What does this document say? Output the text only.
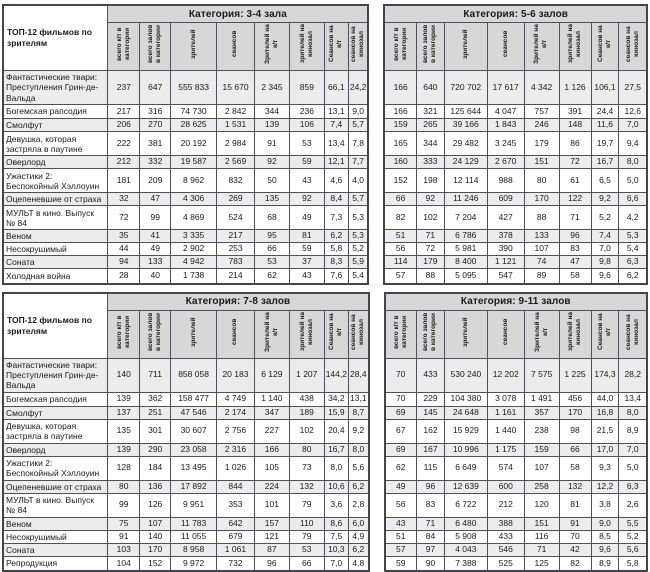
ТОП-12 фильмов по зрителям	Категория: 3-4 зала							
	всего к/т в категории	всего залов в категории	зрителей	сеансов	Зрителей на к/т	зрителей на кинозал	Сеансов на к/т	сеансов на кинозал
Фантастические твари: Преступления Грин-де-Вальда	237	647	555 833	15 670	2 345	859	66,1	24,2
Богемская рапсодия	217	316	74 730	2 842	344	236	13,1	9,0
Смолфут	206	270	28 625	1 531	139	106	7,4	5,7
Девушка, которая застряла в паутине	222	381	20 192	2 984	91	53	13,4	7,8
Оверлорд	212	332	19 587	2 569	92	59	12,1	7,7
Ужастики 2: Беспокойный Хэллоуин	181	209	8 962	832	50	43	4,6	4,0
Оцепеневшие от страха	32	47	4 306	269	135	92	8,4	5,7
МУЛЬТ в кино. Выпуск № 84	72	99	4 869	524	68	49	7,3	5,3
Веном	35	41	3 335	217	95	81	6,2	5,3
Несокрушимый	44	49	2 902	253	66	59	5,8	5,2
Соната	94	133	4 942	783	53	37	8,3	5,9
Холодная война	28	40	1 738	214	62	43	7,6	5,4
Категория: 5-6 залов							
всего к/т в категории	всего залов в категории	зрителей	сеансов	Зрителей на к/т	зрителей на кинозал	Сеансов на к/т	сеансов на кинозал
166	640	720 702	17 617	4 342	1 126	106,1	27,5
166	321	125 644	4 047	757	391	24,4	12,6
159	265	39 166	1 843	246	148	11,6	7,0
165	344	29 482	3 245	179	86	19,7	9,4
160	333	24 129	2 670	151	72	16,7	8,0
152	198	12 114	988	80	61	6,5	5,0
66	92	11 246	609	170	122	9,2	6,6
82	102	7 204	427	88	71	5,2	4,2
51	71	6 786	378	133	96	7,4	5,3
56	72	5 981	390	107	83	7,0	5,4
114	179	8 400	1 121	74	47	9,8	6,3
57	88	5 095	547	89	58	9,6	6,2
ТОП-12 фильмов по зрителям	Категория: 7-8 залов							
	всего к/т в категории	всего залов в категории	зрителей	сеансов	Зрителей на к/т	зрителей на кинозал	Сеансов на к/т	сеансов на кинозал
Фантастические твари: Преступления Грин-де-Вальда	140	711	858 058	20 183	6 129	1 207	144,2	28,4
Богемская рапсодия	139	362	158 477	4 749	1 140	438	34,2	13,1
Смолфут	137	251	47 546	2 174	347	189	15,9	8,7
Девушка, которая застряла в паутине	135	301	30 607	2 756	227	102	20,4	9,2
Оверлорд	139	290	23 058	2 316	166	80	16,7	8,0
Ужастики 2: Беспокойный Хэллоуин	128	184	13 495	1 026	105	73	8,0	5,6
Оцепеневшие от страха	80	136	17 892	844	224	132	10,6	6,2
МУЛЬТ в кино. Выпуск № 84	99	126	9 951	353	101	79	3,6	2,8
Веном	75	107	11 783	642	157	110	8,6	6,0
Несокрушимый	91	140	11 055	679	121	79	7,5	4,9
Соната	103	170	8 958	1 061	87	53	10,3	6,2
Репродукция	104	152	9 972	732	96	66	7,0	4,8
Категория: 9-11 залов							
всего к/т в категории	всего залов в категории	зрителей	сеансов	Зрителей на к/т	зрителей на кинозал	Сеансов на к/т	сеансов на кинозал
70	433	530 240	12 202	7 575	1 225	174,3	28,2
70	229	104 380	3 078	1 491	456	44,0	13,4
69	145	24 648	1 161	357	170	16,8	8,0
67	162	15 929	1 440	238	98	21,5	8,9
69	167	10 996	1 175	159	66	17,0	7,0
62	115	6 649	574	107	58	9,3	5,0
49	96	12 639	600	258	132	12,2	6,3
56	83	6 722	212	120	81	3,8	2,6
43	71	6 480	388	151	91	9,0	5,5
51	84	5 908	433	116	70	8,5	5,2
57	97	4 043	546	71	42	9,6	5,6
59	90	7 388	525	125	82	8,9	5,8
